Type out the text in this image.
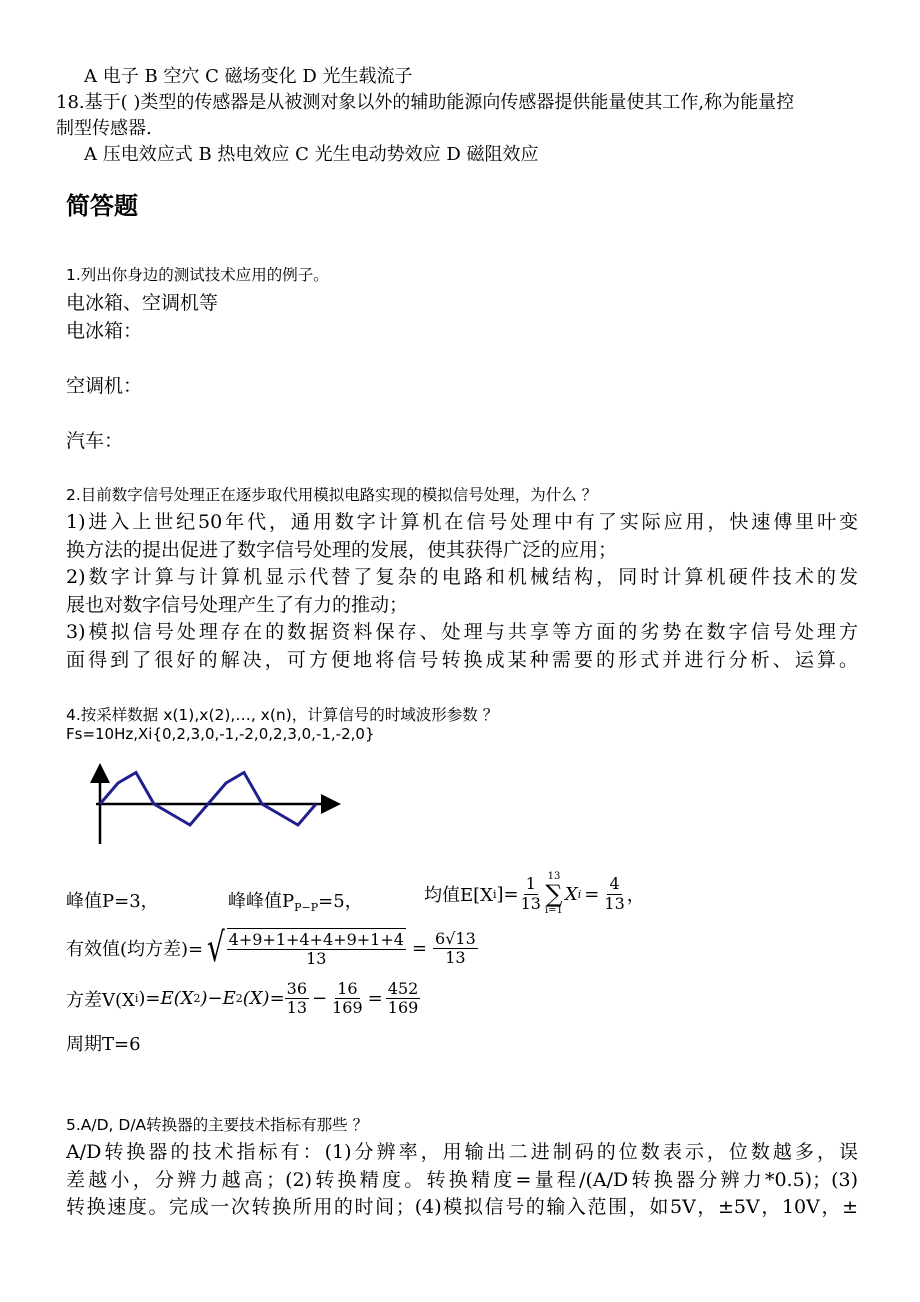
A 电子 B 空穴 C 磁场变化 D 光生载流子
18.基于( )类型的传感器是从被测对象以外的辅助能源向传感器提供能量使其工作,称为能量控
制型传感器.
A 压电效应式 B 热电效应 C 光生电动势效应 D 磁阻效应
简答题
1.列出你身边的测试技术应用的例子。
电冰箱、空调机等
电冰箱：
空调机：
汽车：
2.目前数字信号处理正在逐步取代用模拟电路实现的模拟信号处理，为什么 ？
1)进入上世纪50年代，通用数字计算机在信号处理中有了实际应用，快速傅里叶变
换方法的提出促进了数字信号处理的发展，使其获得广泛的应用；
2)数字计算与计算机显示代替了复杂的电路和机械结构，同时计算机硬件技术的发
展也对数字信号处理产生了有力的推动；
3)模拟信号处理存在的数据资料保存、处理与共享等方面的劣势在数字信号处理方
面得到了很好的解决，可方便地将信号转换成某种需要的形式并进行分析、运算。
4.按采样数据 x(1),x(2),…, x(n)，计算信号的时域波形参数 ？
Fs=10Hz,Xi{0,2,3,0,-1,-2,0,2,3,0,-1,-2,0}
峰值P=3，	峰峰值$P_{P-P}=5$，	均值E[X i ]= $\frac{1}{13} 13$
∑
i=1
X $i = \frac{4}{13}$ ，
有效值(均方差)= √ $\frac{4+9+1+4+4+9+1+4}{13} = \frac{6√13}{13}$
方差V(X i )= E(X 2 )−E 2 $(X)= \frac{36}{13} - \frac{16}{169} = \frac{452}{169}$
周期T=6
5.A/D, D/A转换器的主要技术指标有那些 ？
A/D转换器的技术指标有：(1)分辨率，用输出二进制码的位数表示，位数越多，误
差越小，分辨力越高；(2)转换精度。转换精度=量程/(A/D转换器分辨力*0.5)；(3)
转换速度。完成一次转换所用的时间；(4)模拟信号的输入范围，如5V，±5V，10V，±
